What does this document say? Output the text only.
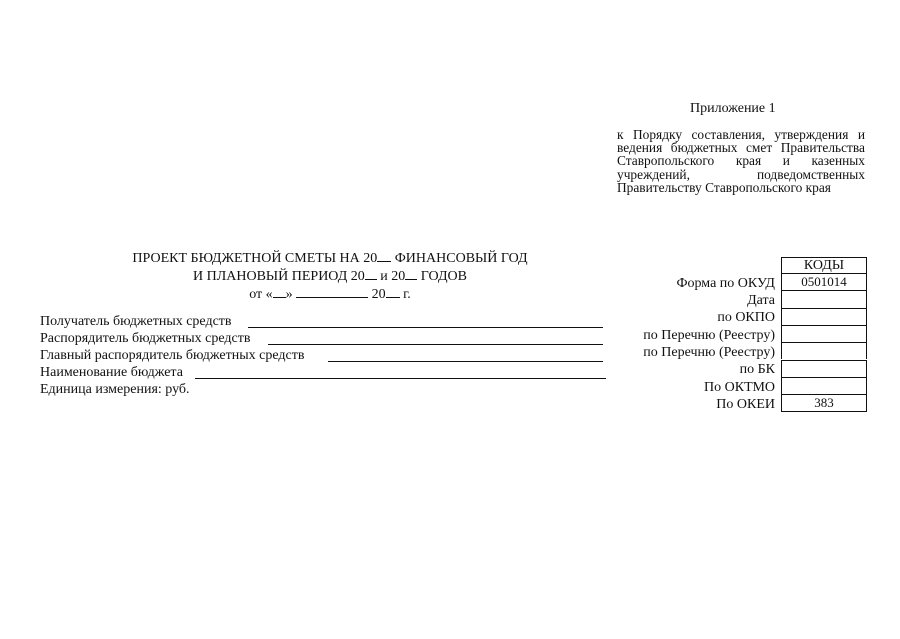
Приложение 1
к Порядку составления, утверждения и ведения бюджетных смет Правительства Ставропольского края и казенных учреждений, подведомственных Правительству Ставропольского края
ПРОЕКТ БЮДЖЕТНОЙ СМЕТЫ НА 20 ФИНАНСОВЫЙ ГОД
И ПЛАНОВЫЙ ПЕРИОД 20 и 20 ГОДОВ
от « »	20 г.
Получатель бюджетных средств
Распорядитель бюджетных средств
Главный распорядитель бюджетных средств
Наименование бюджета
Единица измерения: руб.
КОДЫ
Форма по ОКУД	0501014
Дата
по ОКПО
по Перечню (Реестру)
по Перечню (Реестру)
по БК
По ОКТМО
По ОКЕИ	383
